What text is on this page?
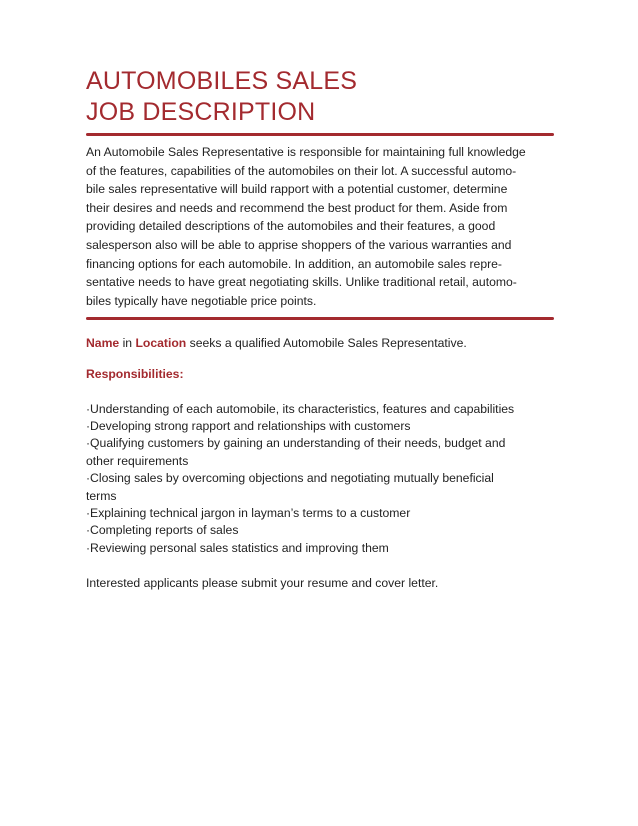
AUTOMOBILES SALES
JOB DESCRIPTION

An Automobile Sales Representative is responsible for maintaining full knowledge
of the features, capabilities of the automobiles on their lot. A successful automo-
bile sales representative will build rapport with a potential customer, determine
their desires and needs and recommend the best product for them. Aside from
providing detailed descriptions of the automobiles and their features, a good
salesperson also will be able to apprise shoppers of the various warranties and
financing options for each automobile. In addition, an automobile sales repre-
sentative needs to have great negotiating skills. Unlike traditional retail, automo-
biles typically have negotiable price points.

Name in Location seeks a qualified Automobile Sales Representative.

Responsibilities:

·Understanding of each automobile, its characteristics, features and capabilities
·Developing strong rapport and relationships with customers
·Qualifying customers by gaining an understanding of their needs, budget and
other requirements
·Closing sales by overcoming objections and negotiating mutually beneficial
terms
·Explaining technical jargon in layman’s terms to a customer
·Completing reports of sales
·Reviewing personal sales statistics and improving them

Interested applicants please submit your resume and cover letter.
